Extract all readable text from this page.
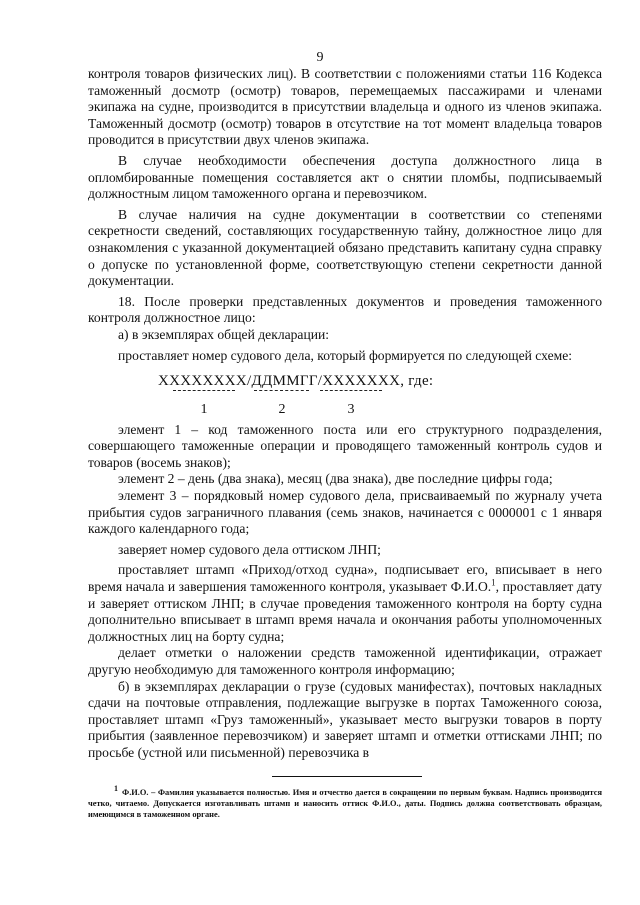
9

контроля товаров физических лиц). В соответствии с положениями статьи 116 Кодекса таможенный досмотр (осмотр) товаров, перемещаемых пассажирами и членами экипажа на судне, производится в присутствии владельца и одного из членов экипажа. Таможенный досмотр (осмотр) товаров в отсутствие на тот момент владельца товаров проводится в присутствии двух членов экипажа.

В случае необходимости обеспечения доступа должностного лица в опломбированные помещения составляется акт о снятии пломбы, подписываемый должностным лицом таможенного органа и перевозчиком.

В случае наличия на судне документации в соответствии со степенями секретности сведений, составляющих государственную тайну, должностное лицо для ознакомления с указанной документацией обязано представить капитану судна справку о допуске по установленной форме, соответствующую степени секретности данной документации.

18. После проверки представленных документов и проведения таможенного контроля должностное лицо:

а) в экземплярах общей декларации:

проставляет номер судового дела, который формируется по следующей схеме:

ХХХХХХХХ/ДДММГГ/ХХХХХХХ, где:

1	2	3

элемент 1 – код таможенного поста или его структурного подразделения, совершающего таможенные операции и проводящего таможенный контроль судов и товаров (восемь знаков);

элемент 2 – день (два знака), месяц (два знака), две последние цифры года;

элемент 3 – порядковый номер судового дела, присваиваемый по журналу учета прибытия судов заграничного плавания (семь знаков, начинается с 0000001 с 1 января каждого календарного года;

заверяет номер судового дела оттиском ЛНП;

проставляет штамп «Приход/отход судна», подписывает его, вписывает в него время начала и завершения таможенного контроля, указывает Ф.И.О.$^1$, проставляет дату и заверяет оттиском ЛНП; в случае проведения таможенного контроля на борту судна дополнительно вписывает в штамп время начала и окончания работы уполномоченных должностных лиц на борту судна;

делает отметки о наложении средств таможенной идентификации, отражает другую необходимую для таможенного контроля информацию;

б) в экземплярах декларации о грузе (судовых манифестах), почтовых накладных сдачи на почтовые отправления, подлежащие выгрузке в портах Таможенного союза, проставляет штамп «Груз таможенный», указывает место выгрузки товаров в порту прибытия (заявленное перевозчиком) и заверяет штамп и отметки оттисками ЛНП; по просьбе (устной или письменной) перевозчика в

1 Ф.И.О. – Фамилия указывается полностью. Имя и отчество дается в сокращении по первым буквам. Надпись производится четко, читаемо. Допускается изготавливать штамп и наносить оттиск Ф.И.О., даты. Подпись должна соответствовать образцам, имеющимся в таможенном органе.
